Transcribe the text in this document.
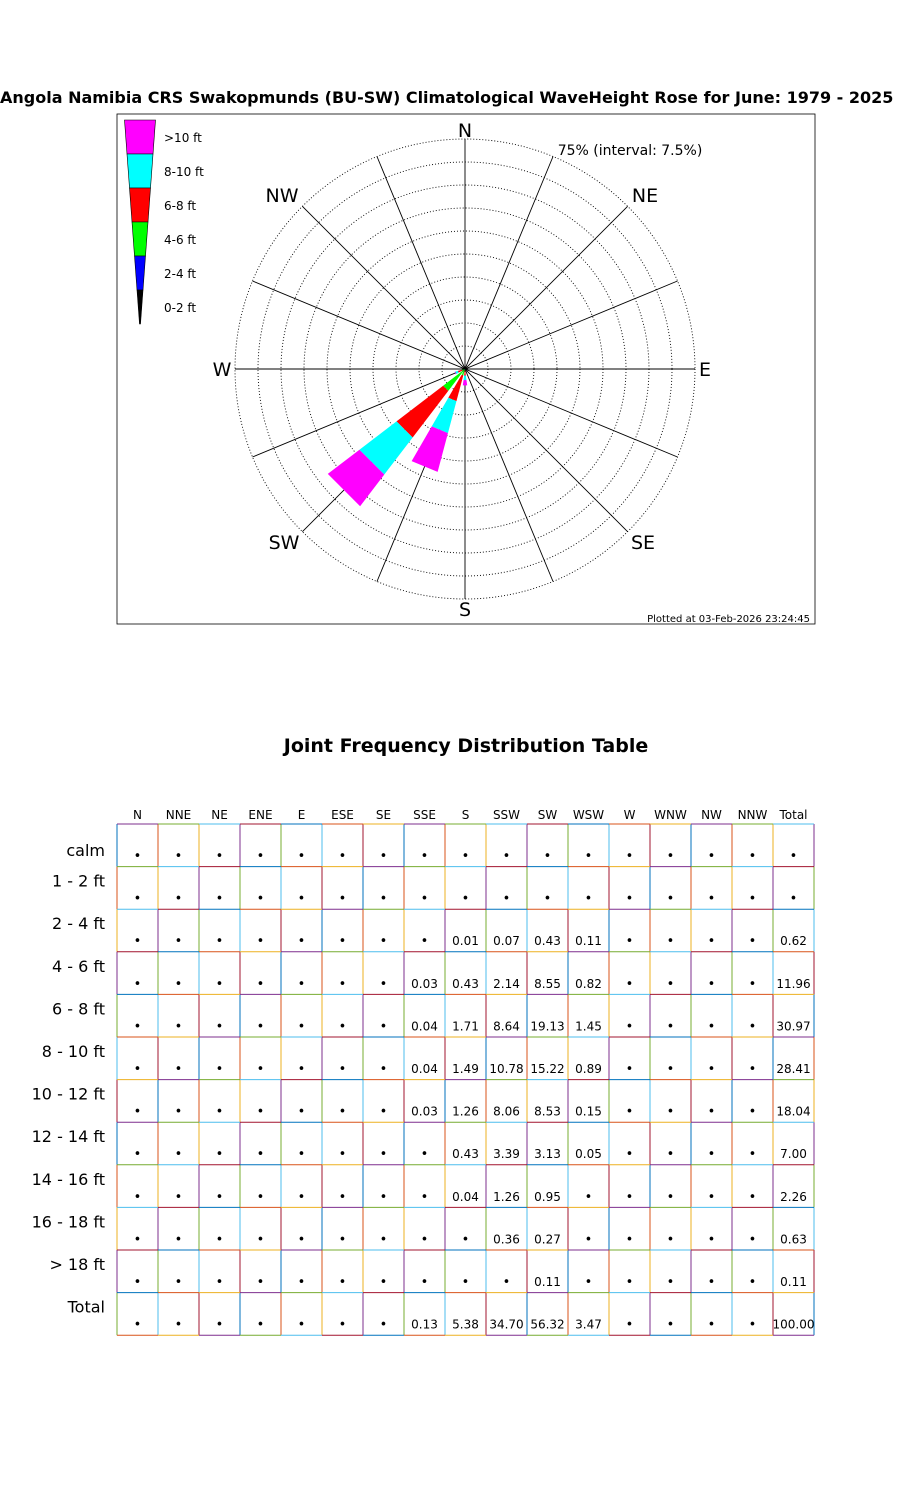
Angola Namibia CRS Swakopmunds (BU-SW) Climatological WaveHeight Rose for June: 1979 - 2025
N
NE
E
SE
S
SW
W
NW
75% (interval: 7.5%)
Plotted at 03-Feb-2026 23:24:45
>10 ft
8-10 ft
6-8 ft
4-6 ft
2-4 ft
0-2 ft
Joint Frequency Distribution Table
N NNE NE ENE E ESE SE SSE S SSW SW WSW W WNW NW NNW Total
calm •	•	•	•	•	•	•	•	•	•	•	•	•	•	•	•	•
1 - 2 ft
•	•	•	•	•	•	•	•	•	•	•	•	•	•	•	•	•
2 - 4 ft
•	•	•	•	•	•	•	• 0.01 0.07 0.43 0.11 •	•	•	• 0.62
4 - 6 ft
•	•	•	•	•	•	• 0.03 0.43 2.14 8.55 0.82 •	•	•	• 11.96
6 - 8 ft
•	•	•	•	•	•	• 0.04 1.71 8.64 19.13 1.45 •	•	•	• 30.97
8 - 10 ft
•	•	•	•	•	•	• 0.04 1.49 10.78 15.22 0.89 •	•	•	• 28.41
10 - 12 ft
•	•	•	•	•	•	• 0.03 1.26 8.06 8.53 0.15 •	•	•	• 18.04
12 - 14 ft
•	•	•	•	•	•	•	• 0.43 3.39 3.13 0.05 •	•	•	• 7.00
14 - 16 ft
•	•	•	•	•	•	•	• 0.04 1.26 0.95 •	•	•	•	• 2.26
16 - 18 ft
•	•	•	•	•	•	•	•	• 0.36 0.27 •	•	•	•	• 0.63
> 18 ft
•	•	•	•	•	•	•	•	•	• 0.11 •	•	•	•	• 0.11
Total
•	•	•	•	•	•	• 0.13 5.38 34.70 56.32 3.47 •	•	•	• 100.00
